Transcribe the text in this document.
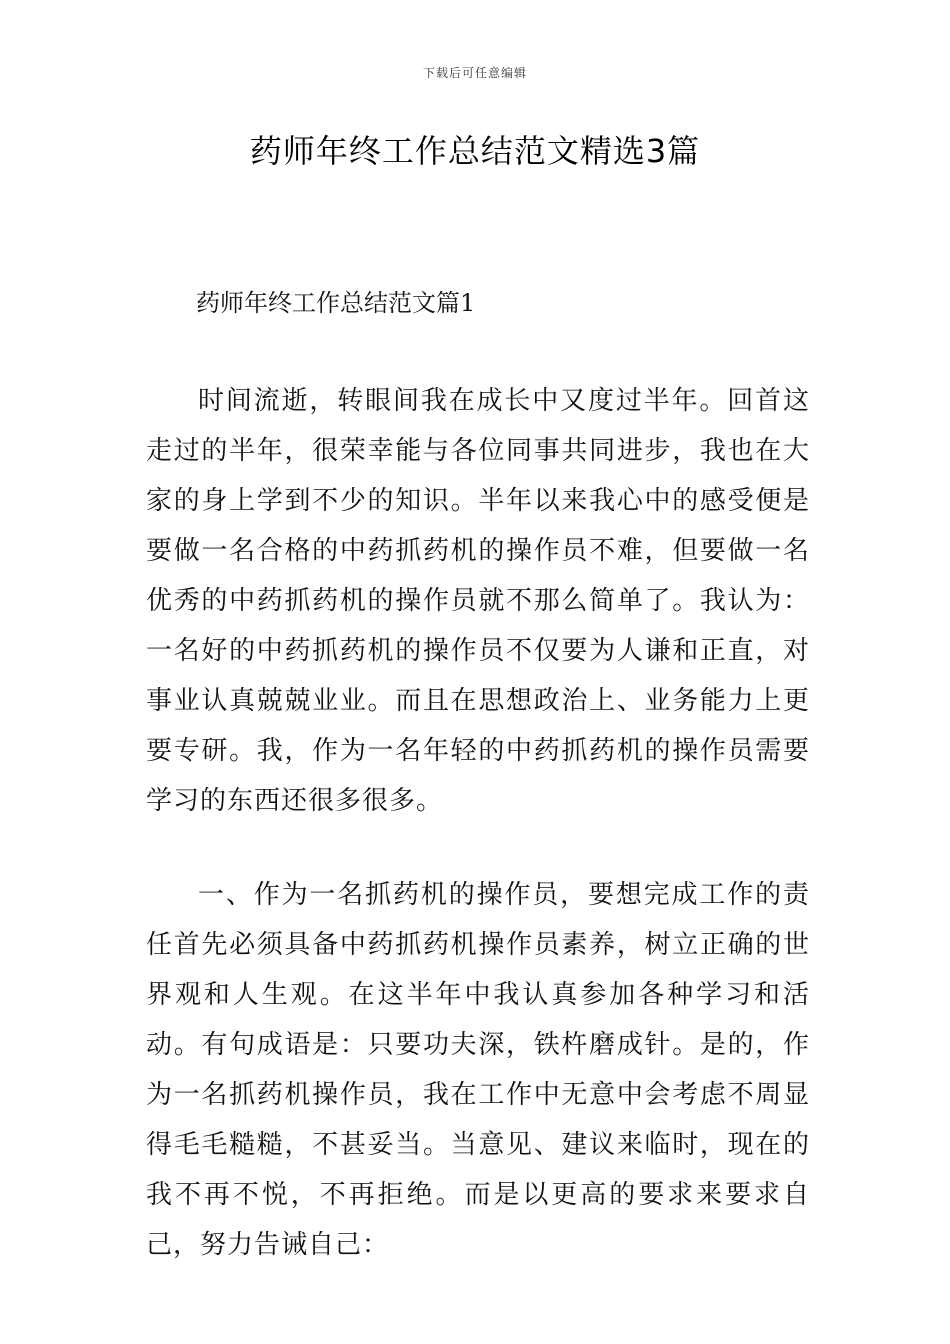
下载后可任意编辑
药师年终工作总结范文精选3篇
药师年终工作总结范文篇1

时间流逝，转眼间我在成长中又度过半年。回首这走过的半年，很荣幸能与各位同事共同进步，我也在大家的身上学到不少的知识。半年以来我心中的感受便是要做一名合格的中药抓药机的操作员不难，但要做一名优秀的中药抓药机的操作员就不那么简单了。我认为：一名好的中药抓药机的操作员不仅要为人谦和正直，对事业认真兢兢业业。而且在思想政治上、业务能力上更要专研。我，作为一名年轻的中药抓药机的操作员需要学习的东西还很多很多。

一、作为一名抓药机的操作员，要想完成工作的责任首先必须具备中药抓药机操作员素养，树立正确的世界观和人生观。在这半年中我认真参加各种学习和活动。有句成语是：只要功夫深，铁杵磨成针。是的，作为一名抓药机操作员，我在工作中无意中会考虑不周显得毛毛糙糙，不甚妥当。当意见、建议来临时，现在的我不再不悦，不再拒绝。而是以更高的要求来要求自己，努力告诫自己：
